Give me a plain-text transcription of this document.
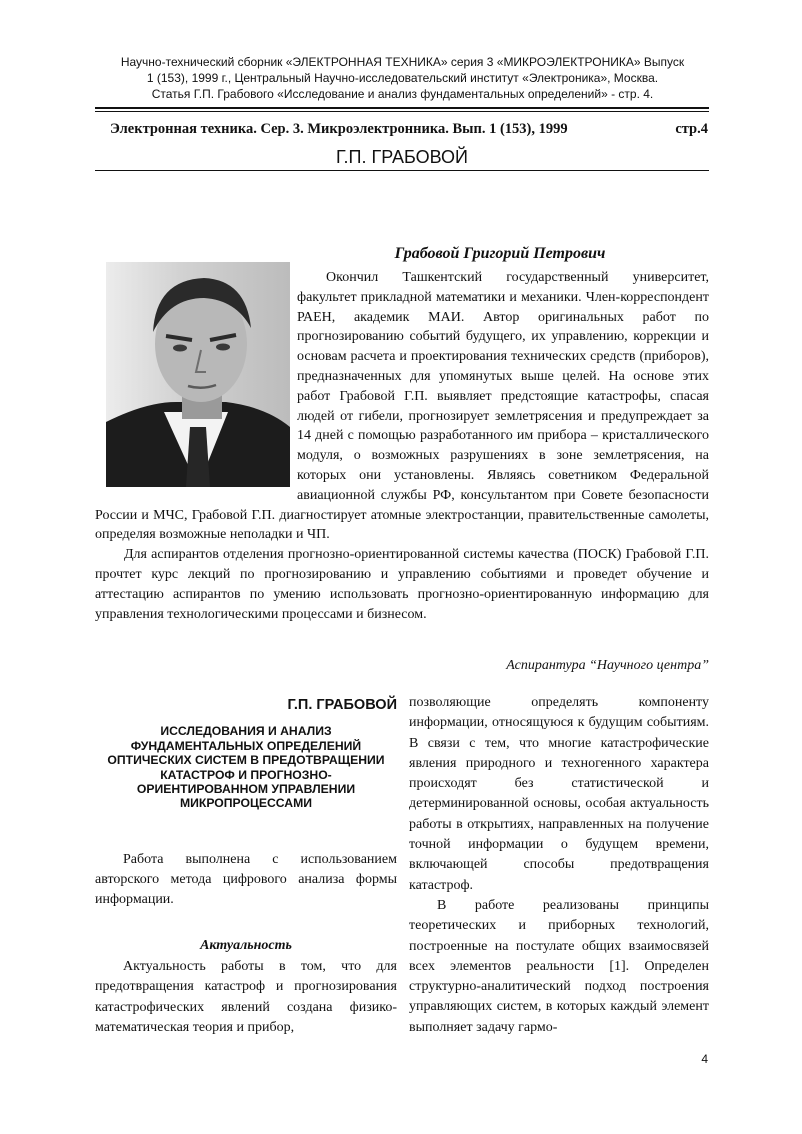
Научно-технический сборник «ЭЛЕКТРОННАЯ ТЕХНИКА» серия 3 «МИКРОЭЛЕКТРОНИКА» Выпуск
1 (153), 1999 г., Центральный Научно-исследовательский институт «Электроника», Москва.
Статья Г.П. Грабового «Исследование и анализ фундаментальных определений» - стр. 4.
Электронная техника. Сер. 3. Микроэлектронника. Вып. 1 (153), 1999	стр.4
Г.П. ГРАБОВОЙ
Грабовой Григорий Петрович

Окончил Ташкентский государственный университет, факультет прикладной математики и механики. Член-корреспондент РАЕН, академик МАИ. Автор оригинальных работ по прогнозированию событий будущего, их управлению, коррекции и основам расчета и проектирования технических средств (приборов), предназначенных для упомянутых выше целей. На основе этих работ Грабовой Г.П. выявляет предстоящие катастрофы, спасая людей от гибели, прогнозирует землетрясения и предупреждает за 14 дней с помощью разработанного им прибора – кристаллического модуля, о возможных разрушениях в зоне землетрясения, на которых они установлены. Являясь советником Федеральной авиационной службы РФ, консультантом при Совете безопасности России и МЧС, Грабовой Г.П. диагностирует атомные электростанции, правительственные самолеты, определяя возможные неполадки и ЧП.

Для аспирантов отделения прогнозно-ориентированной системы качества (ПОСК) Грабовой Г.П. прочтет курс лекций по прогнозированию и управлению событиями и проведет обучение и аттестацию аспирантов по умению использовать прогнозно-ориентированную информацию для управления технологическими процессами и бизнесом.

Аспирантура “Научного центра”
Г.П. ГРАБОВОЙ
ИССЛЕДОВАНИЯ И АНАЛИЗ ФУНДАМЕНТАЛЬНЫХ ОПРЕДЕЛЕНИЙ ОПТИЧЕСКИХ СИСТЕМ В ПРЕДОТВРАЩЕНИИ КАТАСТРОФ И ПРОГНОЗНО-ОРИЕНТИРОВАННОМ УПРАВЛЕНИИ МИКРОПРОЦЕССАМИ

Работа выполнена с использованием авторского метода цифрового анализа формы информации.

Актуальность

Актуальность работы в том, что для предотвращения катастроф и прогнозирования катастрофических явлений создана физико-математическая теория и прибор,

позволяющие определять компоненту информации, относящуюся к будущим событиям. В связи с тем, что многие катастрофические явления природного и техногенного характера происходят без статистической и детерминированной основы, особая актуальность работы в открытиях, направленных на получение точной информации о будущем времени, включающей способы предотвращения катастроф.

В работе реализованы принципы теоретических и приборных технологий, построенные на постулате общих взаимосвязей всех элементов реальности [1]. Определен структурно-аналитический подход построения управляющих систем, в которых каждый элемент выполняет задачу гармо-

4
